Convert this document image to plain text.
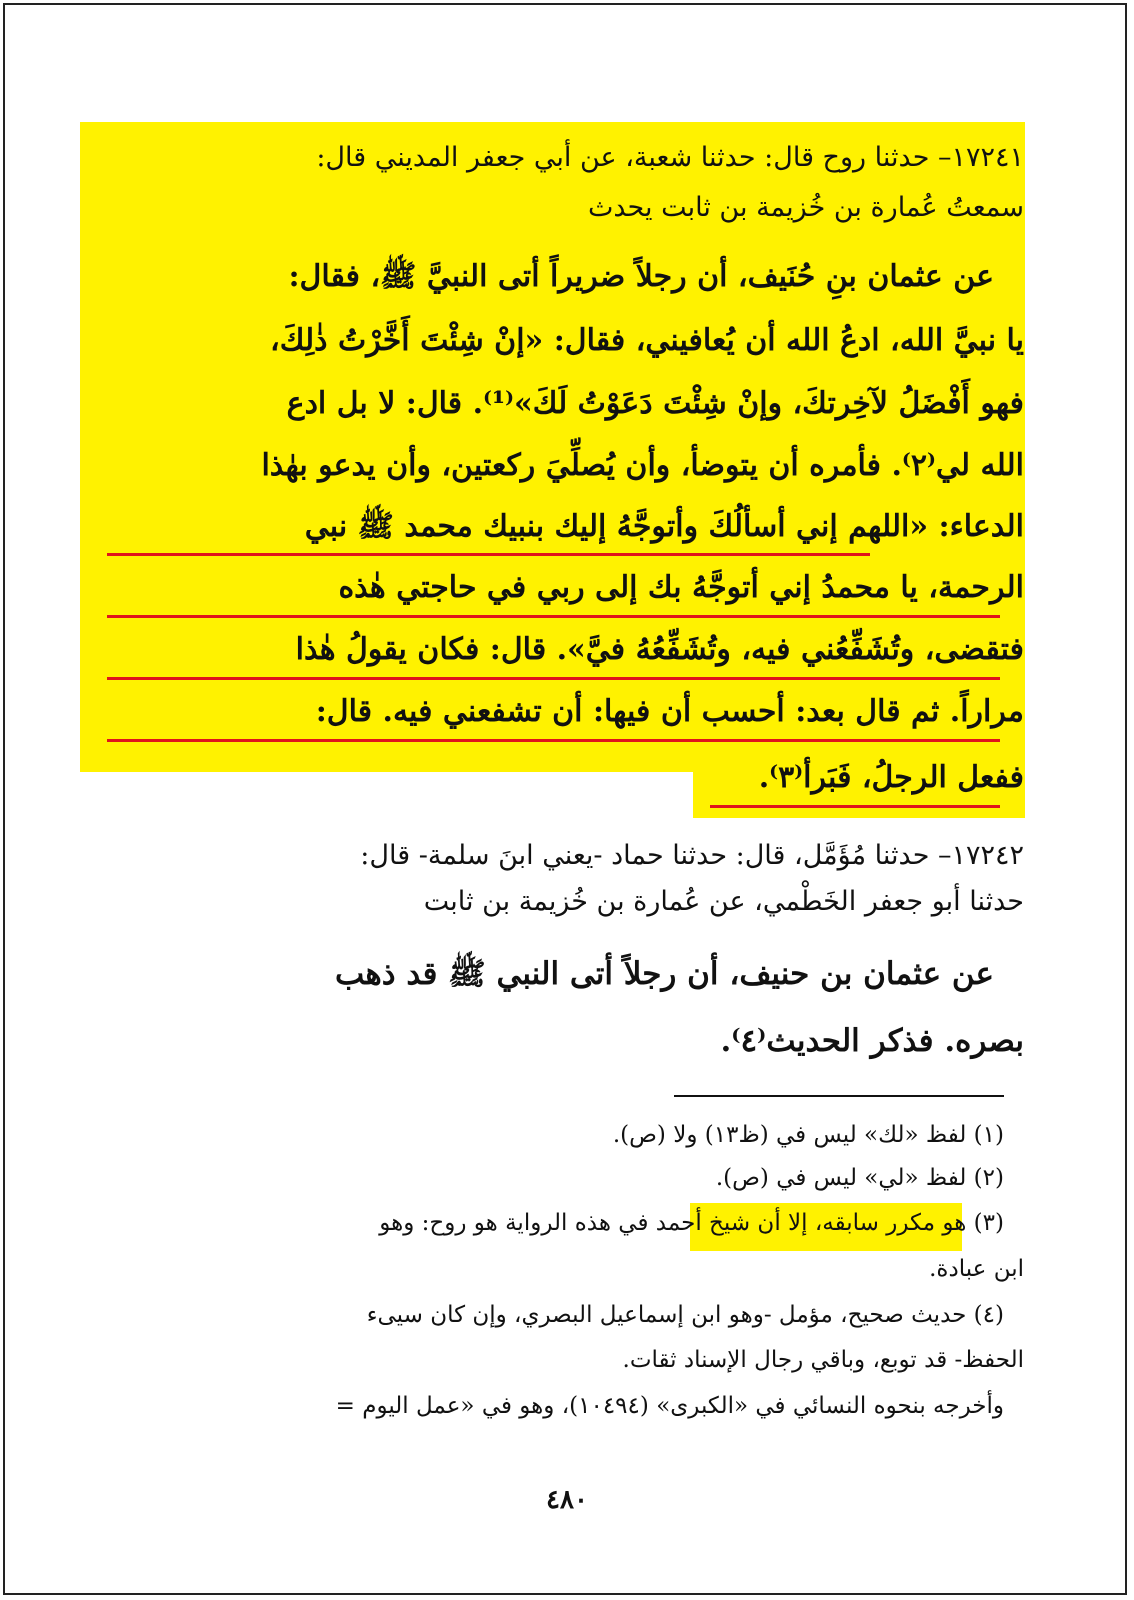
١٧٢٤١– حدثنا روح قال: حدثنا شعبة، عن أبي جعفر المديني قال:
سمعتُ عُمارة بن خُزيمة بن ثابت يحدث
عن عثمان بنِ حُنَيف، أن رجلاً ضريراً أتى النبيَّ ﷺ، فقال:
يا نبيَّ الله، ادعُ الله أن يُعافيني، فقال: «إنْ شِئْتَ أَخَّرْتُ ذٰلِكَ،
فهو أَفْضَلُ لآخِرتكَ، وإنْ شِئْتَ دَعَوْتُ لَكَ»⁽¹⁾. قال: لا بل ادع
الله لي⁽٢⁾. فأمره أن يتوضأ، وأن يُصلِّيَ ركعتين، وأن يدعو بهٰذا
الدعاء: «اللهم إني أسألُكَ وأتوجَّهُ إليك بنبيك محمد ﷺ نبي
الرحمة، يا محمدُ إني أتوجَّهُ بك إلى ربي في حاجتي هٰذه
فتقضى، وتُشَفِّعُني فيه، وتُشَفِّعُهُ فيَّ». قال: فكان يقولُ هٰذا
مراراً. ثم قال بعد: أحسب أن فيها: أن تشفعني فيه. قال:
ففعل الرجلُ، فَبَرأ⁽٣⁾.
١٧٢٤٢– حدثنا مُؤَمَّل، قال: حدثنا حماد -يعني ابنَ سلمة- قال:
حدثنا أبو جعفر الخَطْمي، عن عُمارة بن خُزيمة بن ثابت
عن عثمان بن حنيف، أن رجلاً أتى النبي ﷺ قد ذهب
بصره. فذكر الحديث⁽٤⁾.
(١) لفظ «لك» ليس في (ظ١٣) ولا (ص).
(٢) لفظ «لي» ليس في (ص).
(٣) هو مكرر سابقه، إلا أن شيخ أحمد في هذه الرواية هو روح: وهو
ابن عبادة.
(٤) حديث صحيح، مؤمل -وهو ابن إسماعيل البصري، وإن كان سيىء
الحفظ- قد توبع، وباقي رجال الإسناد ثقات.
وأخرجه بنحوه النسائي في «الكبرى» (١٠٤٩٤)، وهو في «عمل اليوم =
٤٨٠
